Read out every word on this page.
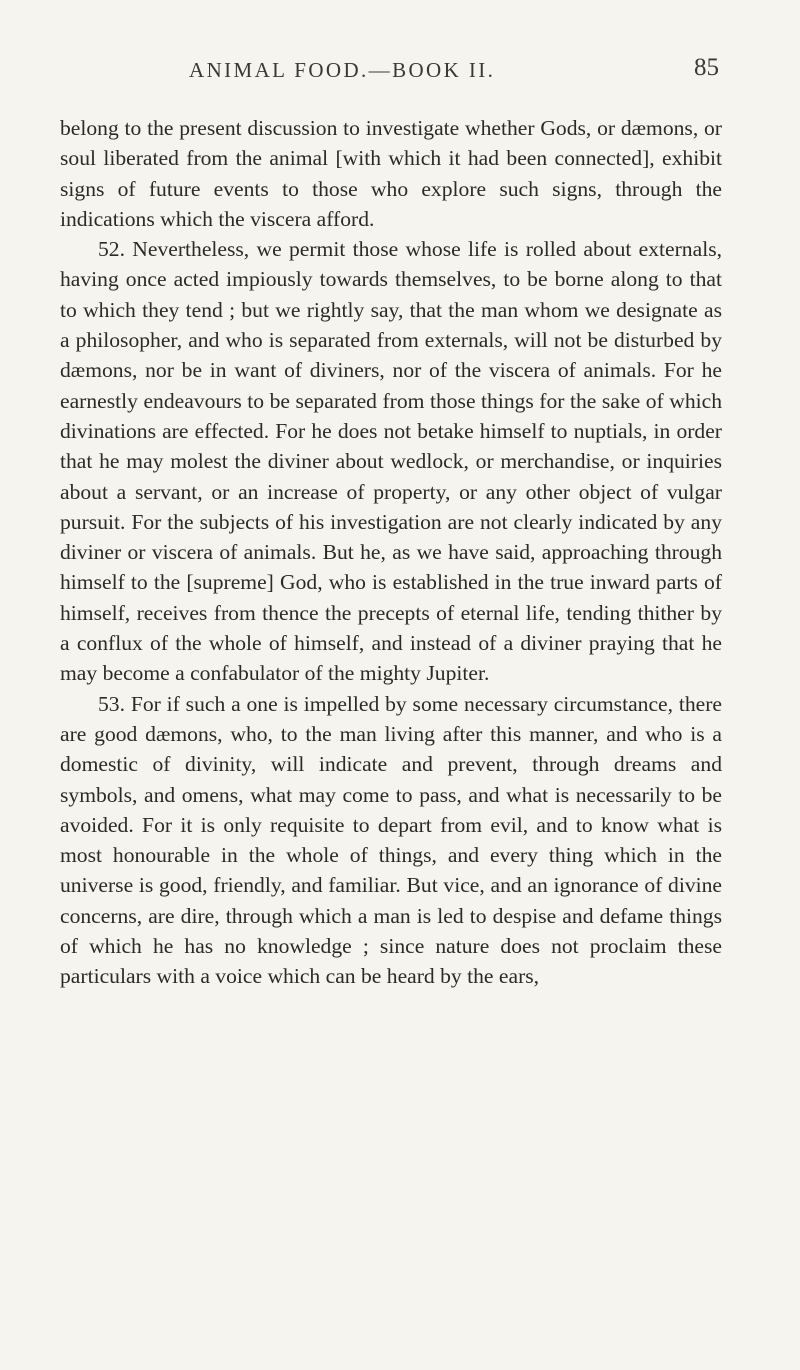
ANIMAL FOOD.—BOOK II.	85

belong to the present discussion to investigate whether Gods, or dæmons, or soul liberated from the animal [with which it had been connected], exhibit signs of future events to those who explore such signs, through the indications which the viscera afford.

52. Nevertheless, we permit those whose life is rolled about externals, having once acted impiously towards themselves, to be borne along to that to which they tend ; but we rightly say, that the man whom we designate as a philosopher, and who is separated from externals, will not be disturbed by dæmons, nor be in want of diviners, nor of the viscera of animals. For he earnestly endeavours to be separated from those things for the sake of which divinations are effected. For he does not betake himself to nuptials, in order that he may molest the diviner about wedlock, or merchandise, or inquiries about a servant, or an increase of property, or any other object of vulgar pursuit. For the subjects of his investigation are not clearly indicated by any diviner or viscera of animals. But he, as we have said, approaching through himself to the [supreme] God, who is established in the true inward parts of himself, receives from thence the precepts of eternal life, tending thither by a conflux of the whole of himself, and instead of a diviner praying that he may become a confabulator of the mighty Jupiter.

53. For if such a one is impelled by some necessary circumstance, there are good dæmons, who, to the man living after this manner, and who is a domestic of divinity, will indicate and prevent, through dreams and symbols, and omens, what may come to pass, and what is necessarily to be avoided. For it is only requisite to depart from evil, and to know what is most honourable in the whole of things, and every thing which in the universe is good, friendly, and familiar. But vice, and an ignorance of divine concerns, are dire, through which a man is led to despise and defame things of which he has no knowledge ; since nature does not proclaim these particulars with a voice which can be heard by the ears,
